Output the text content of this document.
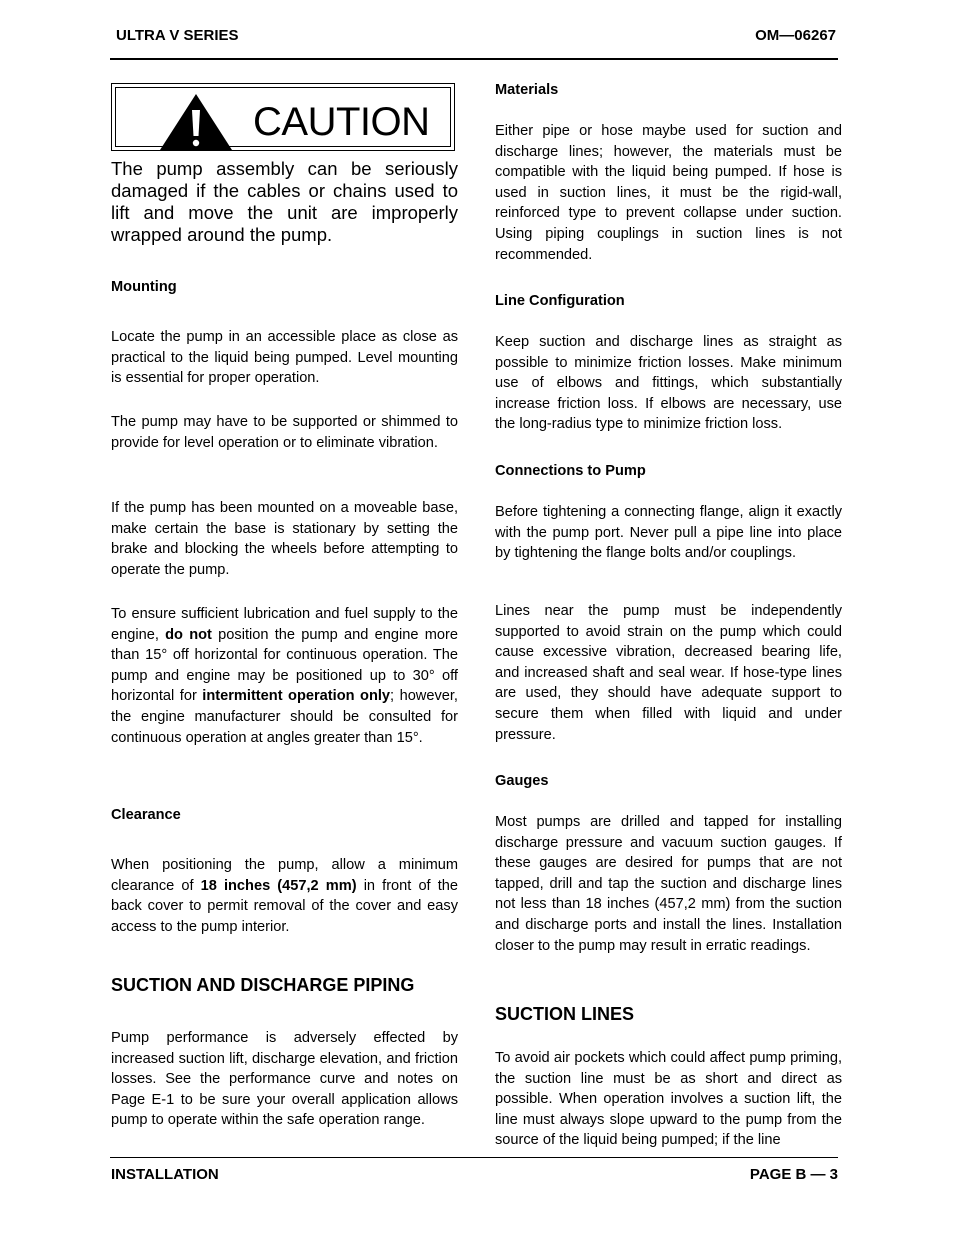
ULTRA V SERIES	OM—06267
CAUTION

The pump assembly can be seriously damaged if the cables or chains used to lift and move the unit are improperly wrapped around the pump.

Mounting

Locate the pump in an accessible place as close as practical to the liquid being pumped. Level mounting is essential for proper operation.

The pump may have to be supported or shimmed to provide for level operation or to eliminate vibration.

If the pump has been mounted on a moveable base, make certain the base is stationary by setting the brake and blocking the wheels before attempting to operate the pump.

To ensure sufficient lubrication and fuel supply to the engine, do not position the pump and engine more than 15° off horizontal for continuous operation. The pump and engine may be positioned up to 30° off horizontal for intermittent operation only; however, the engine manufacturer should be consulted for continuous operation at angles greater than 15°.

Clearance

When positioning the pump, allow a minimum clearance of 18 inches (457,2 mm) in front of the back cover to permit removal of the cover and easy access to the pump interior.

SUCTION AND DISCHARGE PIPING

Pump performance is adversely effected by increased suction lift, discharge elevation, and friction losses. See the performance curve and notes on Page E-1 to be sure your overall application allows pump to operate within the safe operation range.

Materials

Either pipe or hose maybe used for suction and discharge lines; however, the materials must be compatible with the liquid being pumped. If hose is used in suction lines, it must be the rigid-wall, reinforced type to prevent collapse under suction. Using piping couplings in suction lines is not recommended.

Line Configuration

Keep suction and discharge lines as straight as possible to minimize friction losses. Make minimum use of elbows and fittings, which substantially increase friction loss. If elbows are necessary, use the long-radius type to minimize friction loss.

Connections to Pump

Before tightening a connecting flange, align it exactly with the pump port. Never pull a pipe line into place by tightening the flange bolts and/or couplings.

Lines near the pump must be independently supported to avoid strain on the pump which could cause excessive vibration, decreased bearing life, and increased shaft and seal wear. If hose-type lines are used, they should have adequate support to secure them when filled with liquid and under pressure.

Gauges

Most pumps are drilled and tapped for installing discharge pressure and vacuum suction gauges. If these gauges are desired for pumps that are not tapped, drill and tap the suction and discharge lines not less than 18 inches (457,2 mm) from the suction and discharge ports and install the lines. Installation closer to the pump may result in erratic readings.

SUCTION LINES

To avoid air pockets which could affect pump priming, the suction line must be as short and direct as possible. When operation involves a suction lift, the line must always slope upward to the pump from the source of the liquid being pumped; if the line

INSTALLATION	PAGE B — 3
